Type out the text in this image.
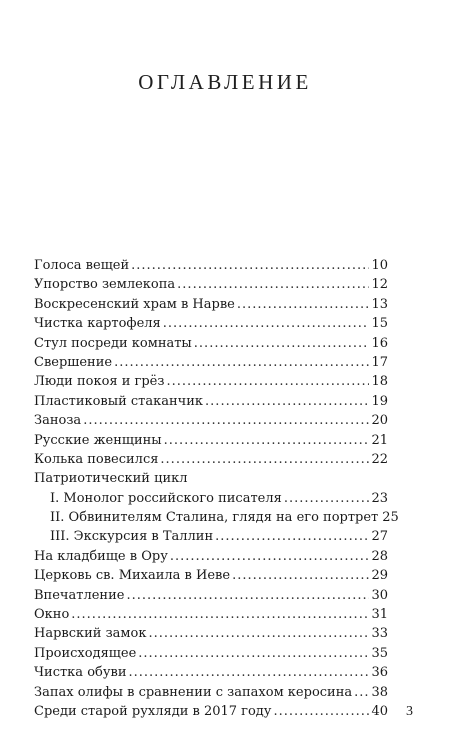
ОГЛАВЛЕНИЕ
Голоса вещей .....	10
Упорство землекопа .....	12
Воскресенский храм в Нарве .....	13
Чистка картофеля .....	15
Стул посреди комнаты .....	16
Свершение .....	17
Люди покоя и грёз .....	18
Пластиковый стаканчик .....	19
Заноза .....	20
Русские женщины .....	21
Колька повесился .....	22
Патриотический цикл
I. Монолог российского писателя .....	23
II. Обвинителям Сталина, глядя на его портрет 25
III. Экскурсия в Таллин .....	27
На кладбище в Ору .....	28
Церковь св. Михаила в Иеве .....	29
Впечатление .....	30
Окно .....	31
Нарвский замок .....	33
Происходящее .....	35
Чистка обуви .....	36
Запах олифы в сравнении с запахом керосина ..... 38
Среди старой рухляди в 2017 году .....	40 3
